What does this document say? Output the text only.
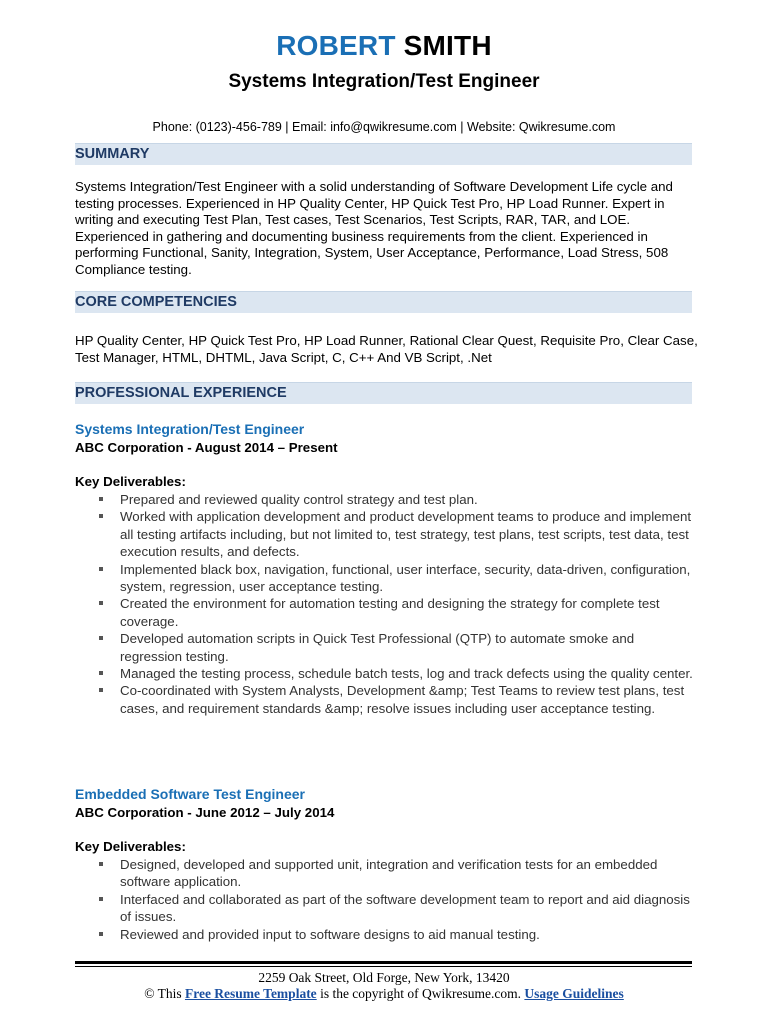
ROBERT SMITH
Systems Integration/Test Engineer
Phone: (0123)-456-789 | Email: info@qwikresume.com | Website: Qwikresume.com
SUMMARY
Systems Integration/Test Engineer with a solid understanding of Software Development Life cycle and testing processes. Experienced in HP Quality Center, HP Quick Test Pro, HP Load Runner. Expert in writing and executing Test Plan, Test cases, Test Scenarios, Test Scripts, RAR, TAR, and LOE. Experienced in gathering and documenting business requirements from the client. Experienced in performing Functional, Sanity, Integration, System, User Acceptance, Performance, Load Stress, 508 Compliance testing.
CORE COMPETENCIES
HP Quality Center, HP Quick Test Pro, HP Load Runner, Rational Clear Quest, Requisite Pro, Clear Case, Test Manager, HTML, DHTML, Java Script, C, C++ And VB Script, .Net
PROFESSIONAL EXPERIENCE
Systems Integration/Test Engineer
ABC Corporation - August 2014 – Present
Key Deliverables:
Prepared and reviewed quality control strategy and test plan.
Worked with application development and product development teams to produce and implement all testing artifacts including, but not limited to, test strategy, test plans, test scripts, test data, test execution results, and defects.
Implemented black box, navigation, functional, user interface, security, data-driven, configuration, system, regression, user acceptance testing.
Created the environment for automation testing and designing the strategy for complete test coverage.
Developed automation scripts in Quick Test Professional (QTP) to automate smoke and regression testing.
Managed the testing process, schedule batch tests, log and track defects using the quality center.
Co-coordinated with System Analysts, Development &amp; Test Teams to review test plans, test cases, and requirement standards &amp; resolve issues including user acceptance testing.
Embedded Software Test Engineer
ABC Corporation - June 2012 – July 2014
Key Deliverables:
Designed, developed and supported unit, integration and verification tests for an embedded software application.
Interfaced and collaborated as part of the software development team to report and aid diagnosis of issues.
Reviewed and provided input to software designs to aid manual testing.
2259 Oak Street, Old Forge, New York, 13420
© This Free Resume Template is the copyright of Qwikresume.com. Usage Guidelines
